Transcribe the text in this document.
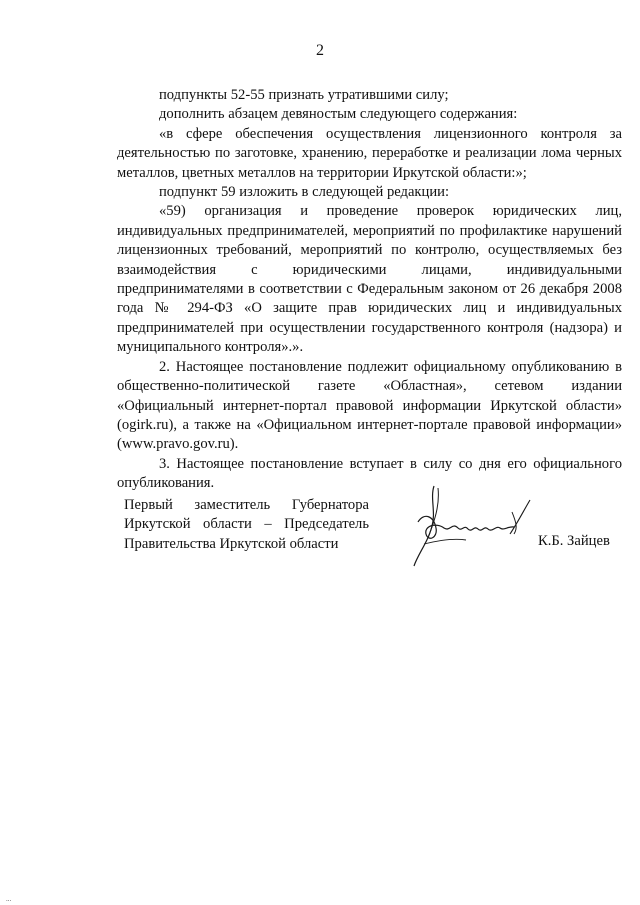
2

подпункты 52-55 признать утратившими силу;

дополнить абзацем девяностым следующего содержания:

«в сфере обеспечения осуществления лицензионного контроля за деятельностью по заготовке, хранению, переработке и реализации лома черных металлов, цветных металлов на территории Иркутской области:»;

подпункт 59 изложить в следующей редакции:

«59) организация и проведение проверок юридических лиц, индивидуальных предпринимателей, мероприятий по профилактике нарушений лицензионных требований, мероприятий по контролю, осуществляемых без взаимодействия с юридическими лицами, индивидуальными предпринимателями в соответствии с Федеральным законом от 26 декабря 2008 года № 294-ФЗ «О защите прав юридических лиц и индивидуальных предпринимателей при осуществлении государственного контроля (надзора) и муниципального контроля».».

2. Настоящее постановление подлежит официальному опубликованию в общественно-политической газете «Областная», сетевом издании «Официальный интернет-портал правовой информации Иркутской области» (ogirk.ru), а также на «Официальном интернет-портале правовой информации» (www.pravo.gov.ru).

3. Настоящее постановление вступает в силу со дня его официального опубликования.

Первый заместитель Губернатора
Иркутской области – Председатель
Правительства Иркутской области	К.Б. Зайцев
...
